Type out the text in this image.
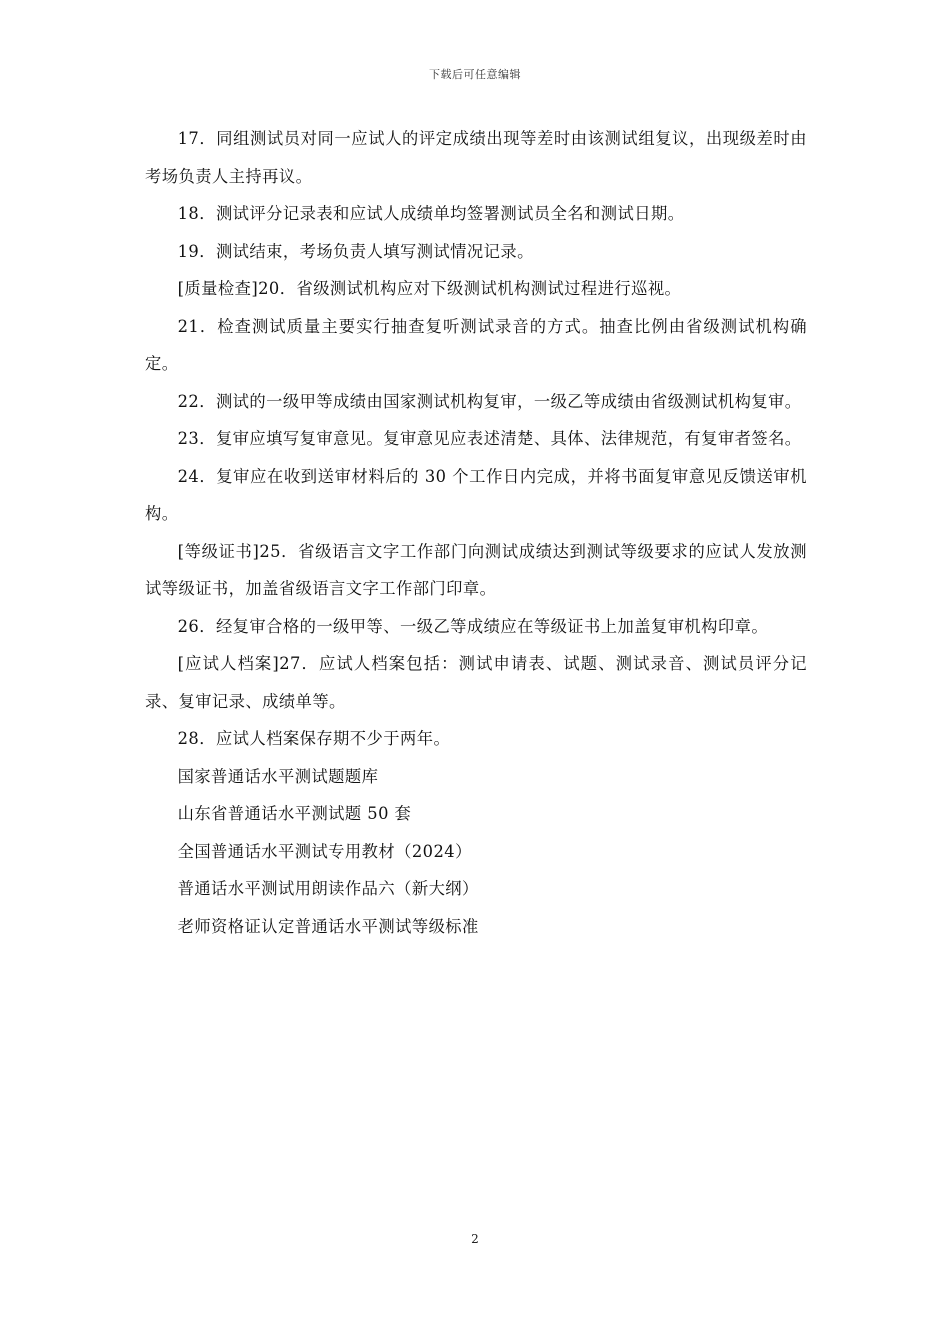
下载后可任意编辑

17．同组测试员对同一应试人的评定成绩出现等差时由该测试组复议，出现级差时由考场负责人主持再议。

18．测试评分记录表和应试人成绩单均签署测试员全名和测试日期。

19．测试结束，考场负责人填写测试情况记录。

[质量检查]20．省级测试机构应对下级测试机构测试过程进行巡视。

21．检查测试质量主要实行抽查复听测试录音的方式。抽查比例由省级测试机构确定。

22．测试的一级甲等成绩由国家测试机构复审，一级乙等成绩由省级测试机构复审。

23．复审应填写复审意见。复审意见应表述清楚、具体、法律规范，有复审者签名。

24．复审应在收到送审材料后的 30 个工作日内完成，并将书面复审意见反馈送审机构。

[等级证书]25．省级语言文字工作部门向测试成绩达到测试等级要求的应试人发放测试等级证书，加盖省级语言文字工作部门印章。

26．经复审合格的一级甲等、一级乙等成绩应在等级证书上加盖复审机构印章。

[应试人档案]27．应试人档案包括：测试申请表、试题、测试录音、测试员评分记录、复审记录、成绩单等。

28．应试人档案保存期不少于两年。

国家普通话水平测试题题库

山东省普通话水平测试题 50 套

全国普通话水平测试专用教材（2024）

普通话水平测试用朗读作品六（新大纲）

老师资格证认定普通话水平测试等级标准

2
